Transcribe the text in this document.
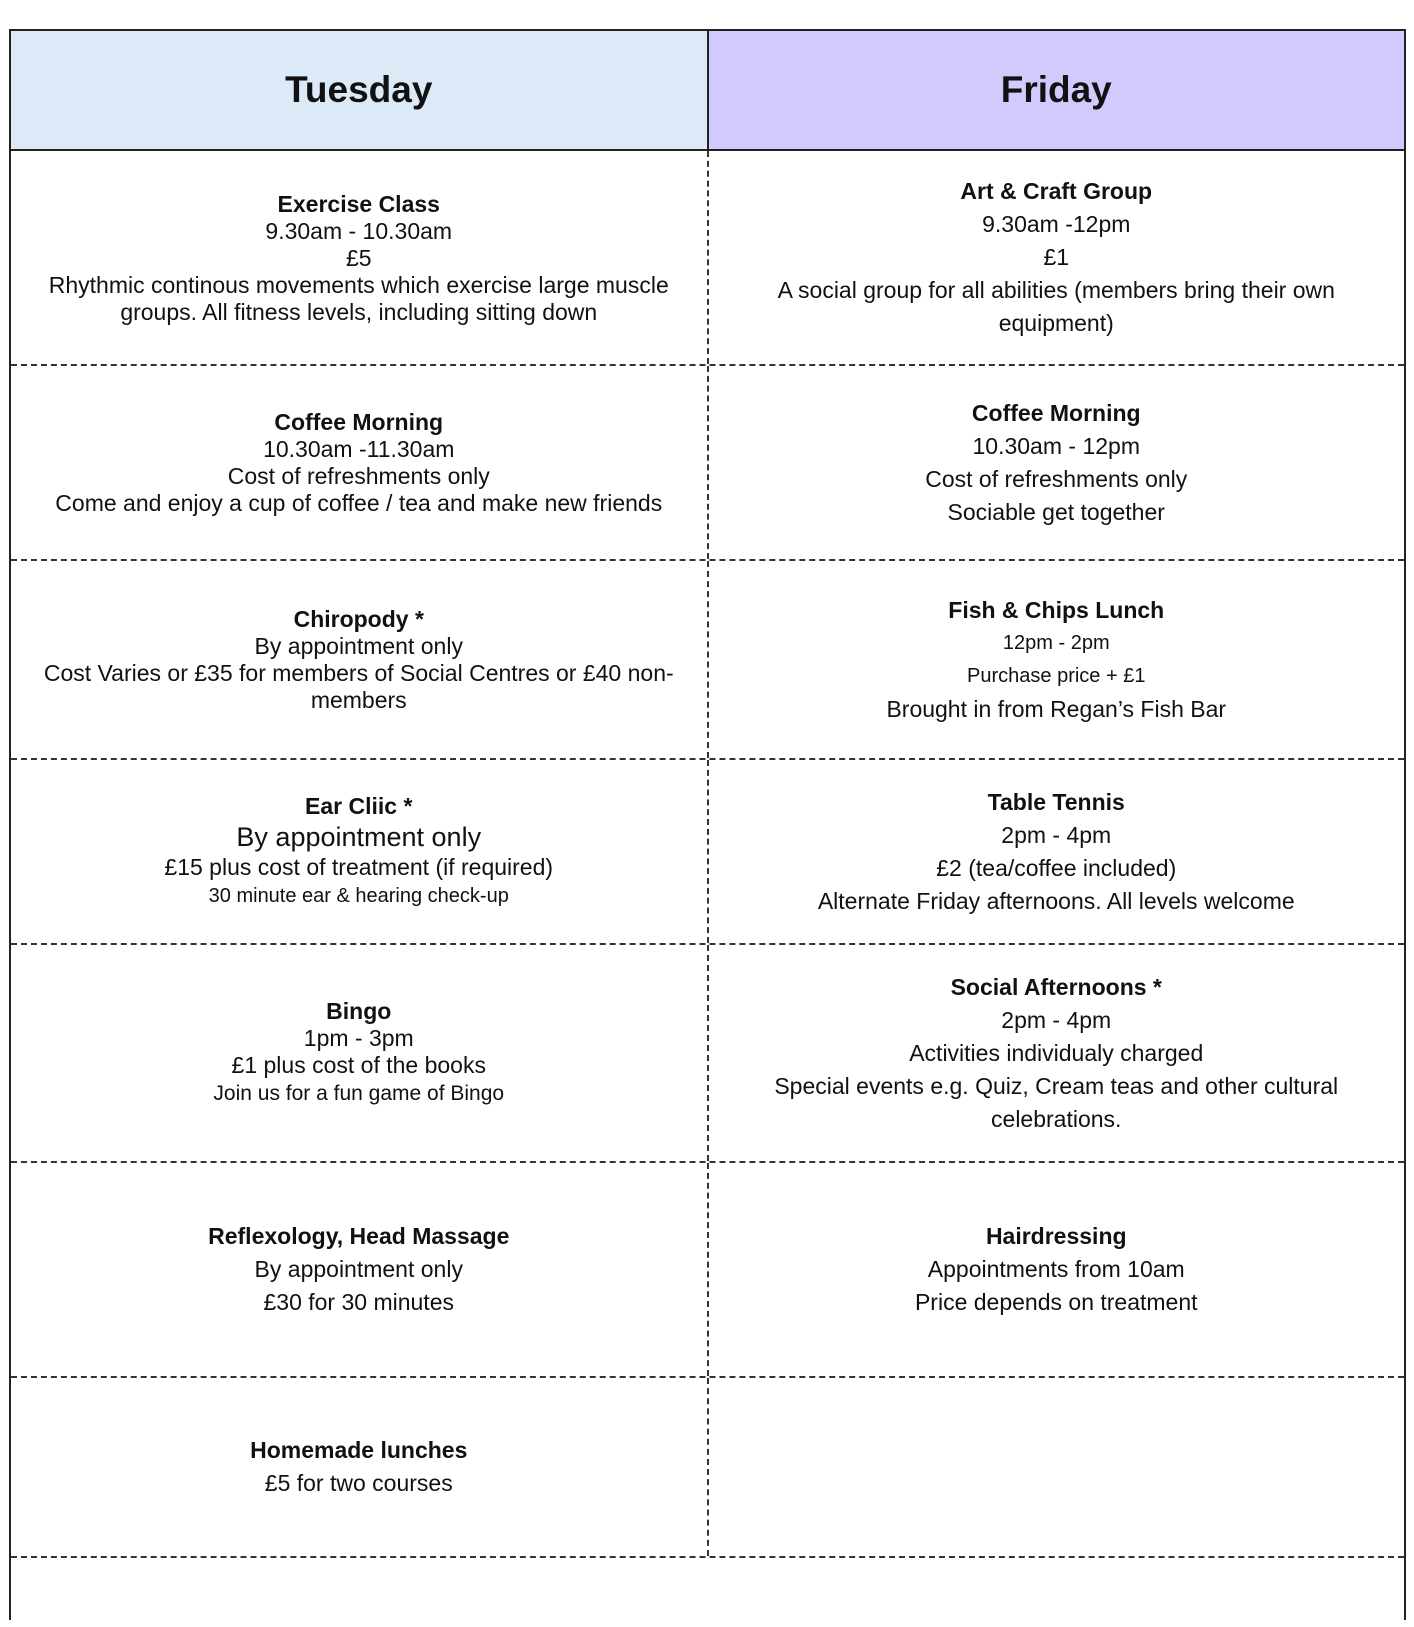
Tuesday	Friday
Exercise Class
9.30am - 10.30am
£5
Rhythmic continous movements which exercise large muscle groups. All fitness levels, including sitting down
Art & Craft Group
9.30am -12pm
£1
A social group for all abilities (members bring their own equipment)
Coffee Morning
10.30am -11.30am
Cost of refreshments only
Come and enjoy a cup of coffee / tea and make new friends
Coffee Morning
10.30am - 12pm
Cost of refreshments only
Sociable get together
Chiropody *
By appointment only
Cost Varies or £35 for members of Social Centres or £40 non-members
Fish & Chips Lunch
12pm - 2pm
Purchase price + £1
Brought in from Regan’s Fish Bar
Ear Cliic *
By appointment only
£15 plus cost of treatment (if required)
30 minute ear & hearing check-up
Table Tennis
2pm - 4pm
£2 (tea/coffee included)
Alternate Friday afternoons. All levels welcome
Bingo
1pm - 3pm
£1 plus cost of the books
Join us for a fun game of Bingo
Social Afternoons *
2pm - 4pm
Activities individualy charged
Special events e.g. Quiz, Cream teas and other cultural celebrations.
Reflexology, Head Massage
By appointment only
£30 for 30 minutes
Hairdressing
Appointments from 10am
Price depends on treatment
Homemade lunches
£5 for two courses
